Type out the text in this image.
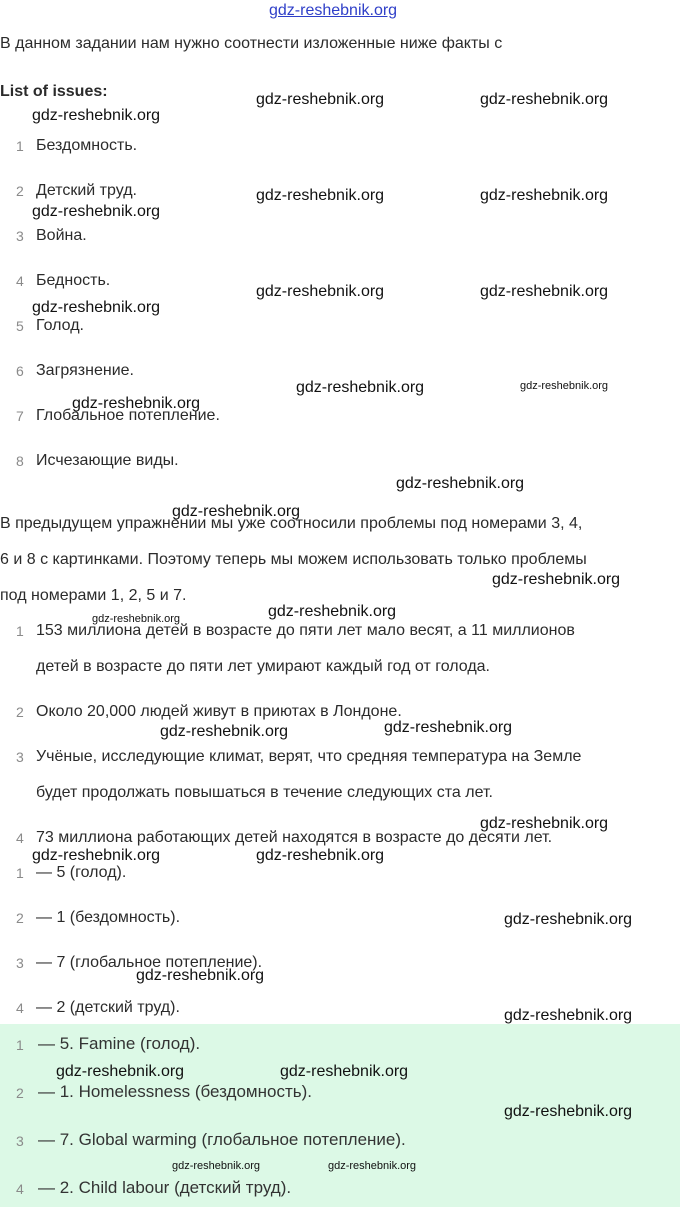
gdz-reshebnik.org
В данном задании нам нужно соотнести изложенные ниже факты с
List of issues:
1 Бездомность.
2 Детский труд.
3 Война.
4 Бедность.
5 Голод.
6 Загрязнение.
7 Глобальное потепление.
8 Исчезающие виды.
В предыдущем упражнении мы уже соотносили проблемы под номерами 3, 4,
6 и 8 с картинками. Поэтому теперь мы можем использовать только проблемы
под номерами 1, 2, 5 и 7.
1 153 миллиона детей в возрасте до пяти лет мало весят, а 11 миллионов
детей в возрасте до пяти лет умирают каждый год от голода.
2 Около 20,000 людей живут в приютах в Лондоне.
3 Учёные, исследующие климат, верят, что средняя температура на Земле
будет продолжать повышаться в течение следующих ста лет.
4 73 миллиона работающих детей находятся в возрасте до десяти лет.
1 — 5 (голод).
2 — 1 (бездомность).
3 — 7 (глобальное потепление).
4 — 2 (детский труд).
1 — 5. Famine (голод).
2 — 1. Homelessness (бездомность).
3 — 7. Global warming (глобальное потепление).
4 — 2. Child labour (детский труд).
gdz-reshebnik.org	gdz-reshebnik.org
gdz-reshebnik.org
gdz-reshebnik.org	gdz-reshebnik.org
gdz-reshebnik.org
gdz-reshebnik.org	gdz-reshebnik.org
gdz-reshebnik.org
gdz-reshebnik.org	gdz-reshebnik.org
gdz-reshebnik.org
gdz-reshebnik.org
gdz-reshebnik.org
gdz-reshebnik.org
gdz-reshebnik.org	gdz-reshebnik.org
gdz-reshebnik.org
gdz-reshebnik.org
gdz-reshebnik.org
gdz-reshebnik.org	gdz-reshebnik.org
gdz-reshebnik.org
gdz-reshebnik.org
gdz-reshebnik.org
gdz-reshebnik.org	gdz-reshebnik.org
gdz-reshebnik.org
gdz-reshebnik.org	gdz-reshebnik.org
